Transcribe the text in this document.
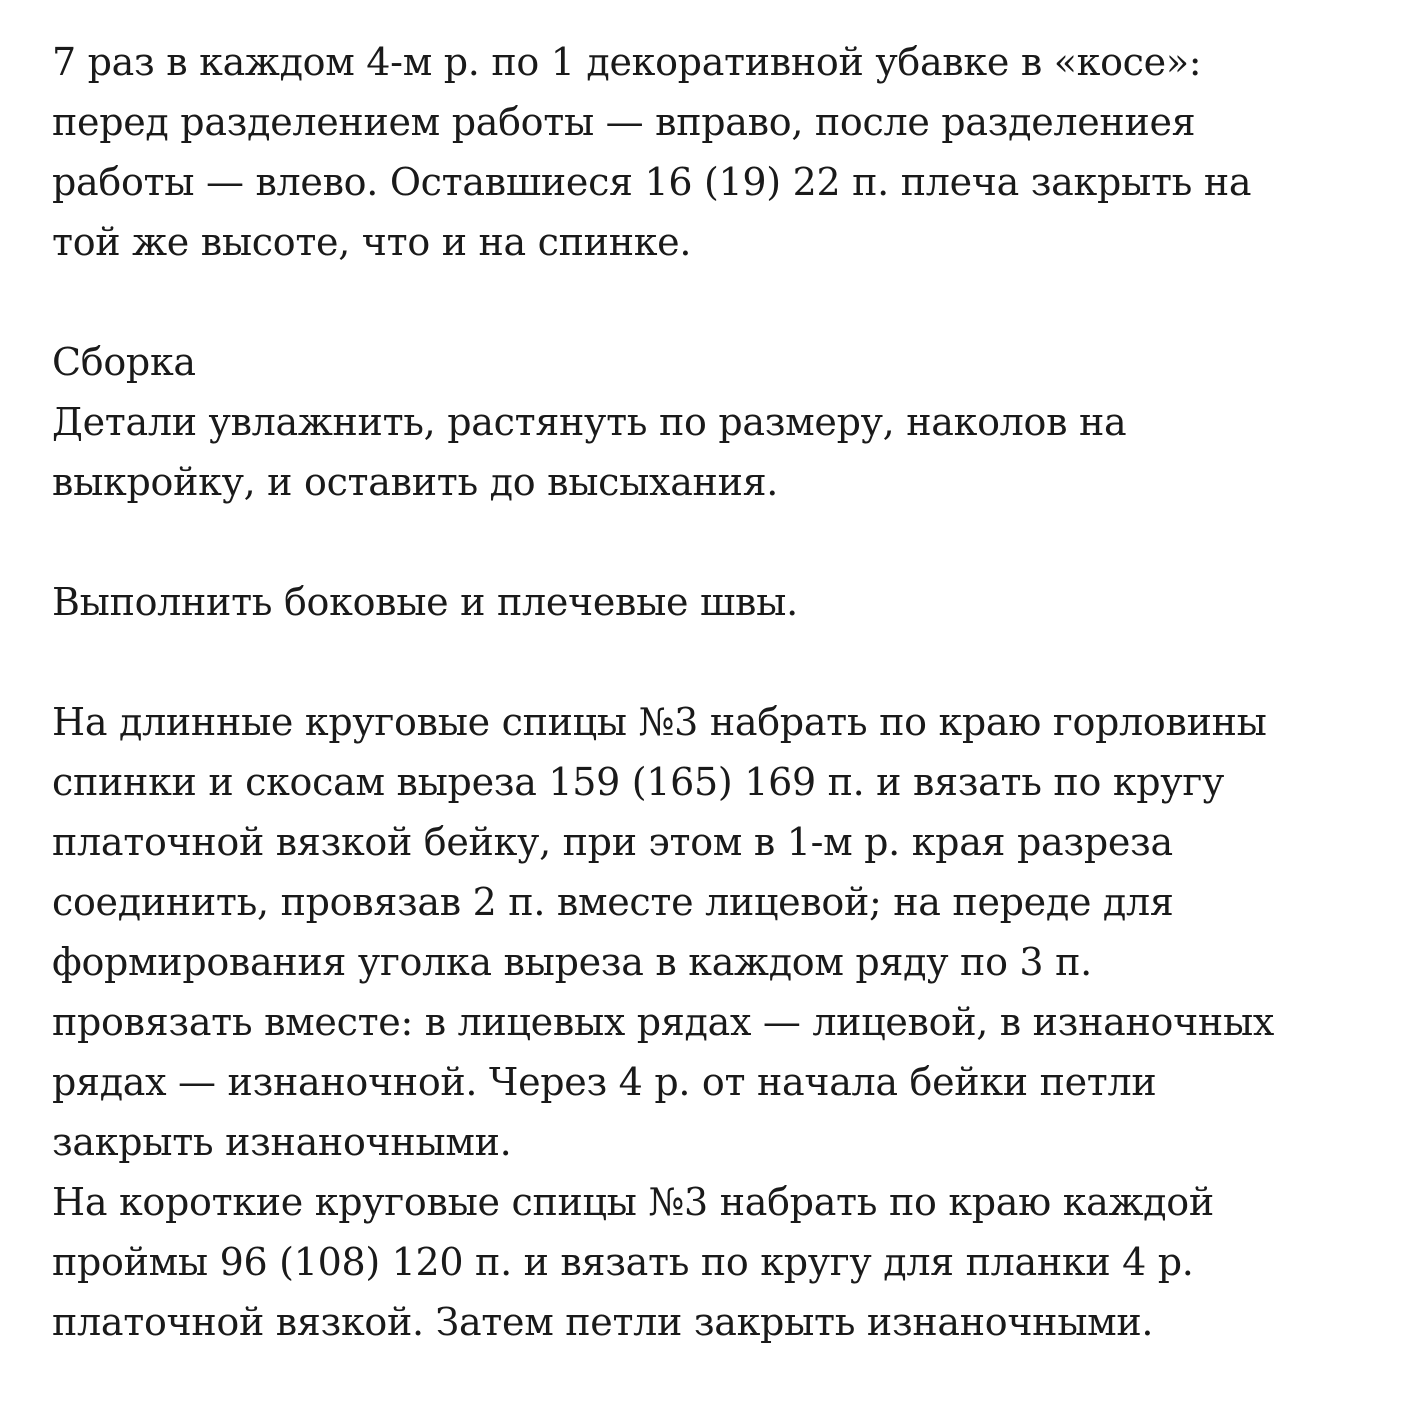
7 раз в каждом 4-м р. по 1 декоративной убавке в «косе»:
перед разделением работы — вправо, после разделениея
работы — влево. Оставшиеся 16 (19) 22 п. плеча закрыть на
той же высоте, что и на спинке.
Сборка
Детали увлажнить, растянуть по размеру, наколов на
выкройку, и оставить до высыхания.
Выполнить боковые и плечевые швы.
На длинные круговые спицы №3 набрать по краю горловины
спинки и скосам выреза 159 (165) 169 п. и вязать по кругу
платочной вязкой бейку, при этом в 1-м р. края разреза
соединить, провязав 2 п. вместе лицевой; на переде для
формирования уголка выреза в каждом ряду по 3 п.
провязать вместе: в лицевых рядах — лицевой, в изнаночных
рядах — изнаночной. Через 4 р. от начала бейки петли
закрыть изнаночными.
На короткие круговые спицы №3 набрать по краю каждой
проймы 96 (108) 120 п. и вязать по кругу для планки 4 р.
платочной вязкой. Затем петли закрыть изнаночными.
